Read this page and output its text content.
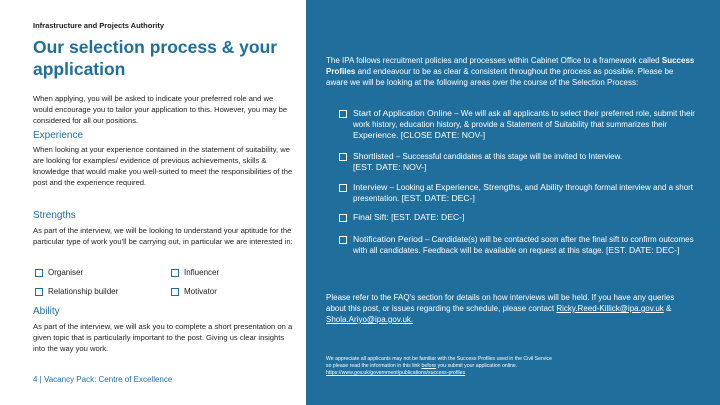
Infrastructure and Projects Authority
Our selection process & your application
When applying, you will be asked to indicate your preferred role and we would encourage you to tailor your application to this. However, you may be considered for all our positions.
Experience
When looking at your experience contained in the statement of suitability, we are looking for examples/ evidence of previous achievements, skills & knowledge that would make you well-suited to meet the responsibilities of the post and the experience required.
Strengths
As part of the interview, we will be looking to understand your aptitude for the particular type of work you'll be carrying out, in particular we are interested in:
Organiser	Influencer
Relationship builder	Motivator
Ability
As part of the interview, we will ask you to complete a short presentation on a given topic that is particularly important to the post. Giving us clear insights into the way you work.
4 | Vacancy Pack: Centre of Excellence
The IPA follows recruitment policies and processes within Cabinet Office to a framework called Success Profiles and endeavour to be as clear & consistent throughout the process as possible. Please be aware we will be looking at the following areas over the course of the Selection Process:
Start of Application Online – We will ask all applicants to select their preferred role, submit their work history, education history, & provide a Statement of Suitability that summarizes their Experience. [CLOSE DATE: NOV-]
Shortlisted – Successful candidates at this stage will be invited to Interview.
[EST. DATE: NOV-]
Interview – Looking at Experience, Strengths, and Ability through formal interview and a short presentation. [EST. DATE: DEC-]
Final Sift: [EST. DATE: DEC-]
Notification Period – Candidate(s) will be contacted soon after the final sift to confirm outcomes with all candidates. Feedback will be available on request at this stage. [EST. DATE: DEC-]
Please refer to the FAQ's section for details on how interviews will be held. If you have any queries about this post, or issues regarding the schedule, please contact Ricky.Reed-Killick@ipa.gov.uk & Shola.Ariyo@ipa.gov.uk.
We appreciate all applicants may not be familiar with the Success Profiles used in the Civil Service so please read the information in this link before you submit your application online. https://www.gov.uk/government/publications/success-profiles
